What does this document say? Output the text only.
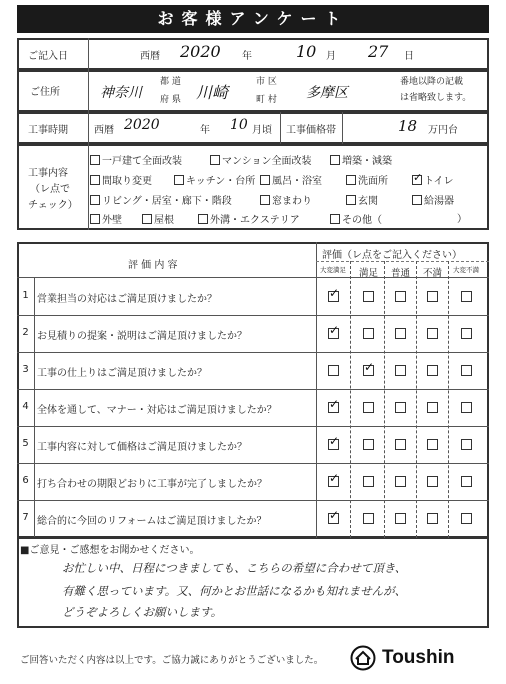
お客様アンケート
ご記入日	西暦 2020 年	10 月 27 日
ご住所	神奈川
都 道
府 県 川崎
市 区
町 村 多摩区
番地以降の記載
は省略致します。
工事時期	西暦 2020	年 10 月頃 工事価格帯	18 万円台
工事内容
（レ点で
チェック）
一戸建て全面改装	マンション全面改装	増築・減築
間取り変更	キッチン・台所	風呂・浴室	洗面所
✓	トイレ
リビング・居室・廊下・階段	窓まわり	玄関	給湯器
外壁	屋根	外溝・エクステリア	その他（	）
評 価 内 容
評価（レ点をご記入ください）
大変満足 満足 普通 不満 大変不満
1 営業担当の対応はご満足頂けましたか？
✓
2 お見積りの提案・説明はご満足頂けましたか？
✓
3 工事の仕上りはご満足頂けましたか？
✓
4 全体を通して、マナー・対応はご満足頂けましたか？
✓
5 工事内容に対して価格はご満足頂けましたか？
✓
6 打ち合わせの期限どおりに工事が完了しましたか？
✓
7 総合的に今回のリフォームはご満足頂けましたか？
✓
■ご意見・ご感想をお聞かせください。
お忙しい中、日程につきましても、こちらの希望に合わせて頂き、
有難く思っています。又、何かとお世話になるかも知れませんが、
どうぞよろしくお願いします。
ご回答いただく内容は以上です。ご協力誠にありがとうございました。	Toushin
